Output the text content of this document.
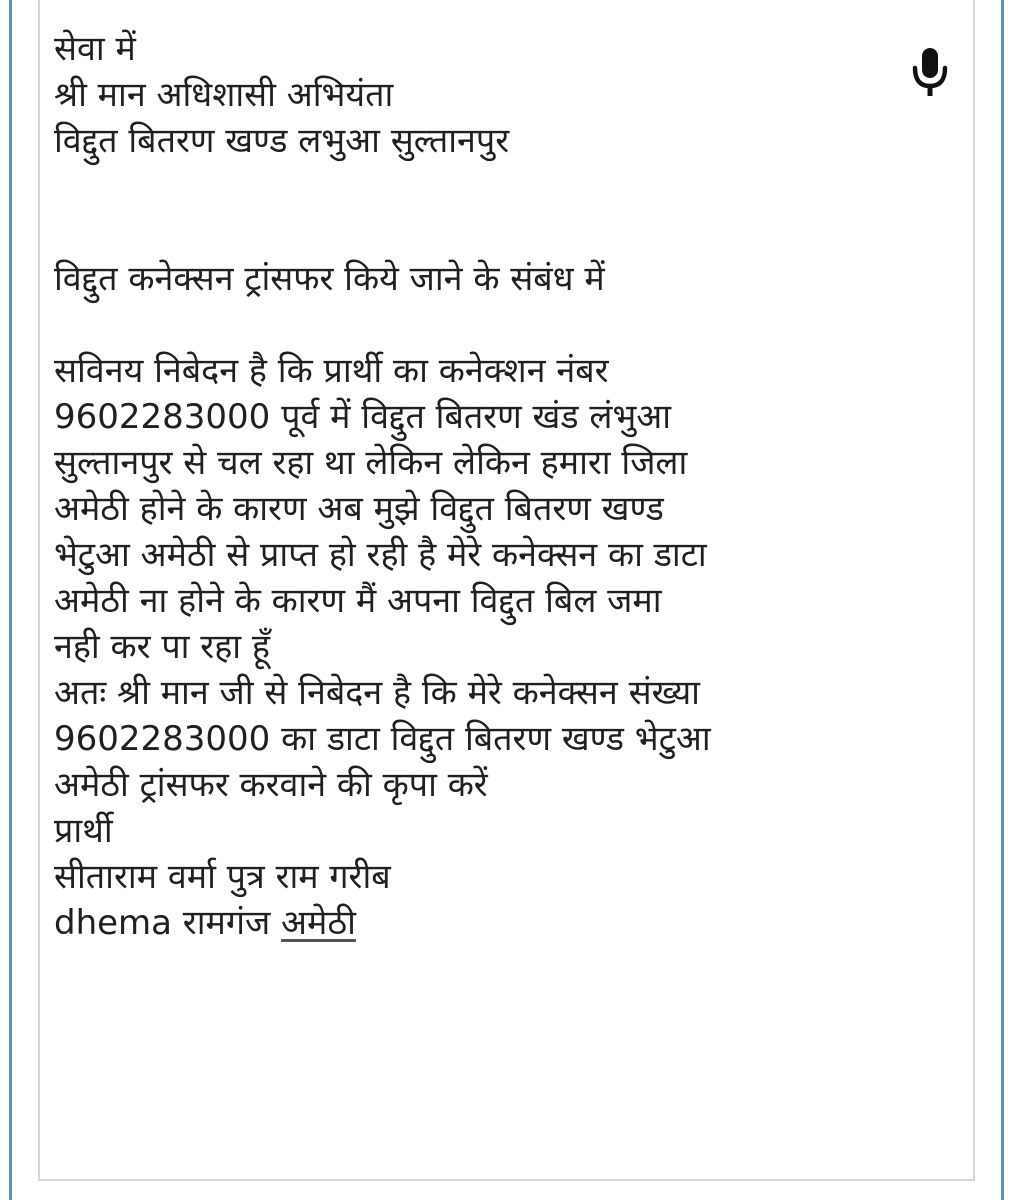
सेवा में
श्री मान अधिशासी अभियंता
विद्दुत बितरण खण्ड लभुआ सुल्तानपुर
विद्दुत कनेक्सन ट्रांसफर किये जाने के संबंध में
सविनय निबेदन है कि प्रार्थी का कनेक्शन नंबर
9602283000 पूर्व में विद्दुत बितरण खंड लंभुआ
सुल्तानपुर से चल रहा था लेकिन लेकिन हमारा जिला
अमेठी होने के कारण अब मुझे विद्दुत बितरण खण्ड
भेटुआ अमेठी से प्राप्त हो रही है मेरे कनेक्सन का डाटा
अमेठी ना होने के कारण मैं अपना विद्दुत बिल जमा
नही कर पा रहा हूँ
अतः श्री मान जी से निबेदन है कि मेरे कनेक्सन संख्या
9602283000 का डाटा विद्दुत बितरण खण्ड भेटुआ
अमेठी ट्रांसफर करवाने की कृपा करें
प्रार्थी
सीताराम वर्मा पुत्र राम गरीब
dhema रामगंज अमेठी
